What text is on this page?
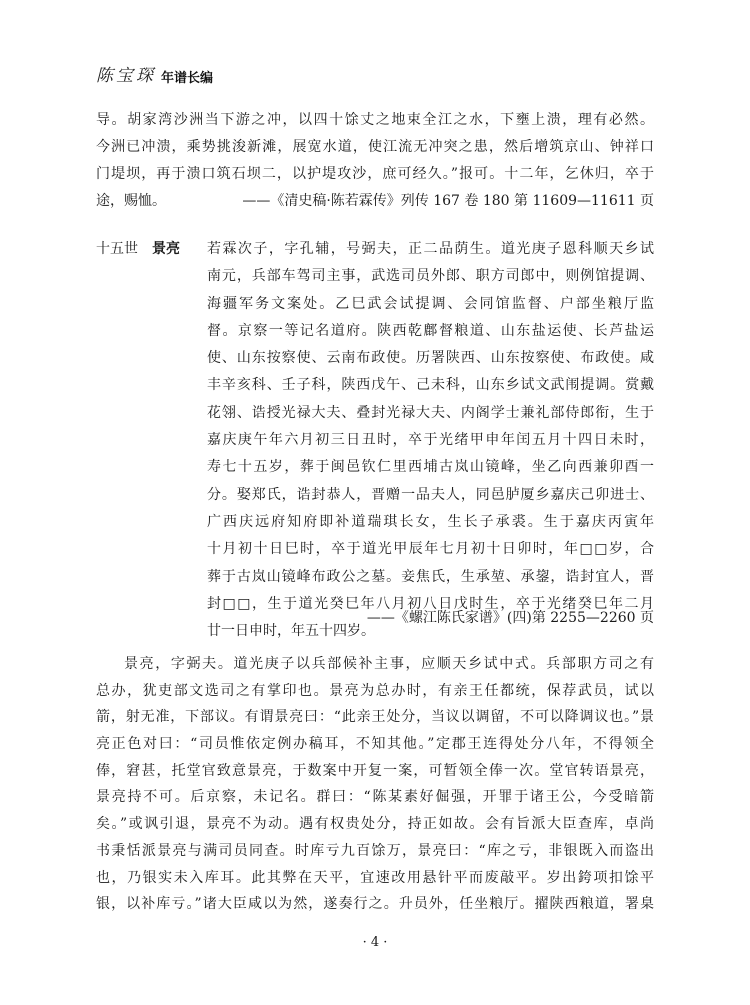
陈宝琛 年谱长编
导。胡家湾沙洲当下游之冲，以四十馀丈之地束全江之水，下壅上溃，理有必然。
今洲已冲溃，乘势挑浚新滩，展宽水道，使江流无冲突之患，然后增筑京山、钟祥口
门堤坝，再于溃口筑石坝二，以护堤攻沙，庶可经久。”报可。十二年，乞休归，卒于
途，赐恤。	——《清史稿·陈若霖传》列传 167 卷 180 第 11609—11611 页
十五世 景亮 若霖次子，字孔辅，号弼夫，正二品荫生。道光庚子恩科顺天乡试
南元，兵部车驾司主事，武选司员外郎、职方司郎中，则例馆提调、
海疆军务文案处。乙巳武会试提调、会同馆监督、户部坐粮厅监
督。京察一等记名道府。陕西乾鄜督粮道、山东盐运使、长芦盐运
使、山东按察使、云南布政使。历署陕西、山东按察使、布政使。咸
丰辛亥科、壬子科，陕西戊午、己未科，山东乡试文武闱提调。赏戴
花翎、诰授光禄大夫、叠封光禄大夫、内阁学士兼礼部侍郎衔，生于
嘉庆庚午年六月初三日丑时，卒于光绪甲申年闰五月十四日未时，
寿七十五岁，葬于闽邑钦仁里西埔古岚山镜峰，坐乙向西兼卯酉一
分。娶郑氏，诰封恭人，晋赠一品夫人，同邑胪厦乡嘉庆己卯进士、
广西庆远府知府即补道瑞琪长女，生长子承裘。生于嘉庆丙寅年
十月初十日巳时，卒于道光甲辰年七月初十日卯时，年□□岁，合
葬于古岚山镜峰布政公之墓。妾焦氏，生承堃、承鋆，诰封宜人，晋
封□□，生于道光癸巳年八月初八日戊时生，卒于光绪癸巳年二月
廿一日申时，年五十四岁。
——《螺江陈氏家谱》(四)第 2255—2260 页
景亮，字弼夫。道光庚子以兵部候补主事，应顺天乡试中式。兵部职方司之有
总办，犹吏部文选司之有掌印也。景亮为总办时，有亲王任都统，保荐武员，试以
箭，射无准，下部议。有谓景亮曰：“此亲王处分，当议以调留，不可以降调议也。”景
亮正色对曰：“司员惟依定例办稿耳，不知其他。”定郡王连得处分八年，不得领全
俸，窘甚，托堂官致意景亮，于数案中开复一案，可暂领全俸一次。堂官转语景亮，
景亮持不可。后京察，未记名。群曰：“陈某素好倔强，开罪于诸王公，今受暗箭
矣。”或讽引退，景亮不为动。遇有权贵处分，持正如故。会有旨派大臣查库，卓尚
书秉恬派景亮与满司员同查。时库亏九百馀万，景亮曰：“库之亏，非银既入而盗出
也，乃银实未入库耳。此其弊在天平，宜速改用悬针平而废敲平。岁出銙项扣馀平
银，以补库亏。”诸大臣咸以为然，遂奏行之。升员外，任坐粮厅。擢陕西粮道，署臬
· 4 ·
